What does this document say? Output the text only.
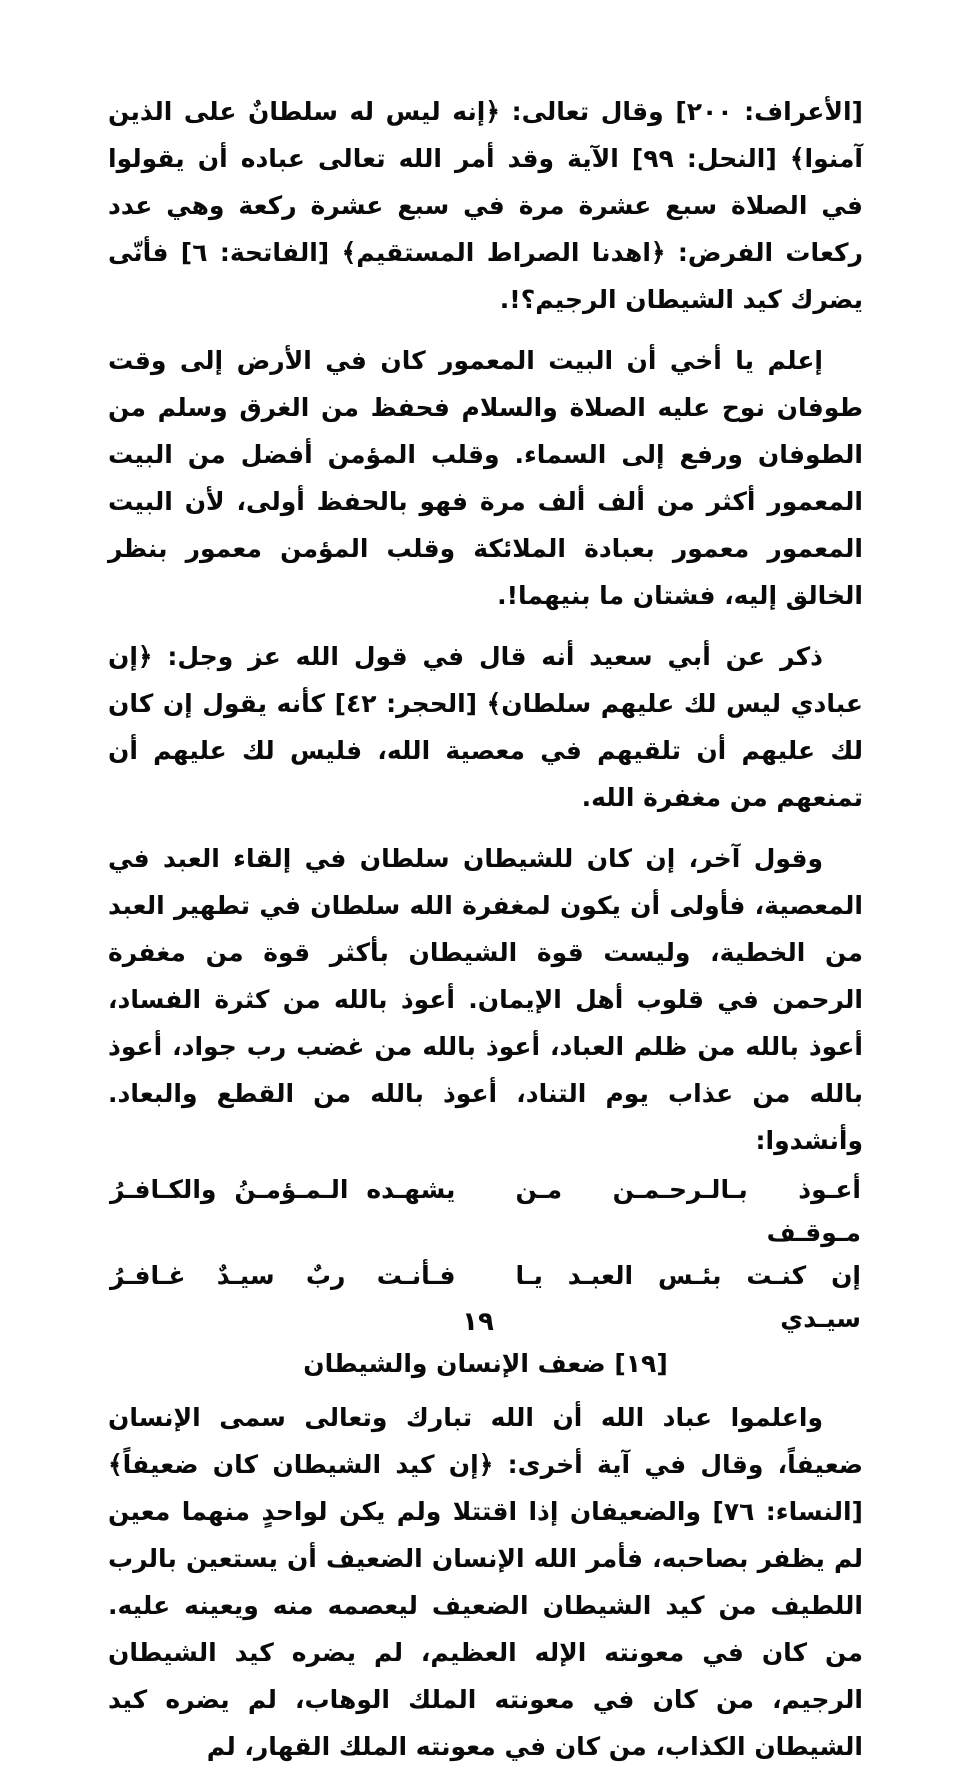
[الأعراف: ٢٠٠] وقال تعالى: ﴿إنه ليس له سلطانٌ على الذين آمنوا﴾ [النحل: ٩٩] الآية وقد أمر الله تعالى عباده أن يقولوا في الصلاة سبع عشرة مرة في سبع عشرة ركعة وهي عدد ركعات الفرض: ﴿اهدنا الصراط المستقيم﴾ [الفاتحة: ٦] فأنّى يضرك كيد الشيطان الرجيم؟!.

إعلم يا أخي أن البيت المعمور كان في الأرض إلى وقت طوفان نوح عليه الصلاة والسلام فحفظ من الغرق وسلم من الطوفان ورفع إلى السماء. وقلب المؤمن أفضل من البيت المعمور أكثر من ألف ألف مرة فهو بالحفظ أولى، لأن البيت المعمور معمور بعبادة الملائكة وقلب المؤمن معمور بنظر الخالق إليه، فشتان ما بنيهما!.

ذكر عن أبي سعيد أنه قال في قول الله عز وجل: ﴿إن عبادي ليس لك عليهم سلطان﴾ [الحجر: ٤٢] كأنه يقول إن كان لك عليهم أن تلقيهم في معصية الله، فليس لك عليهم أن تمنعهم من مغفرة الله.

وقول آخر، إن كان للشيطان سلطان في إلقاء العبد في المعصية، فأولى أن يكون لمغفرة الله سلطان في تطهير العبد من الخطية، وليست قوة الشيطان بأكثر قوة من مغفرة الرحمن في قلوب أهل الإيمان. أعوذ بالله من كثرة الفساد، أعوذ بالله من ظلم العباد، أعوذ بالله من غضب رب جواد، أعوذ بالله من عذاب يوم التناد، أعوذ بالله من القطع والبعاد. وأنشدوا:

أعـوذ بـالـرحـمـن مـن مـوقـف
يشهـده الـمـؤمـنُ والكـافـرُ
إن كنـت بئـس العبـد يـا سيـدي
فـأنـت ربٌ سيـدٌ غـافـرُ
[١٩] ضعف الإنسان والشيطان

واعلموا عباد الله أن الله تبارك وتعالى سمى الإنسان ضعيفاً، وقال في آية أخرى: ﴿إن كيد الشيطان كان ضعيفاً﴾ [النساء: ٧٦] والضعيفان إذا اقتتلا ولم يكن لواحدٍ منهما معين لم يظفر بصاحبه، فأمر الله الإنسان الضعيف أن يستعين بالرب اللطيف من كيد الشيطان الضعيف ليعصمه منه ويعينه عليه. من كان في معونته الإله العظيم، لم يضره كيد الشيطان الرجيم، من كان في معونته الملك الوهاب، لم يضره كيد الشيطان الكذاب، من كان في معونته الملك القهار، لم

١٩
